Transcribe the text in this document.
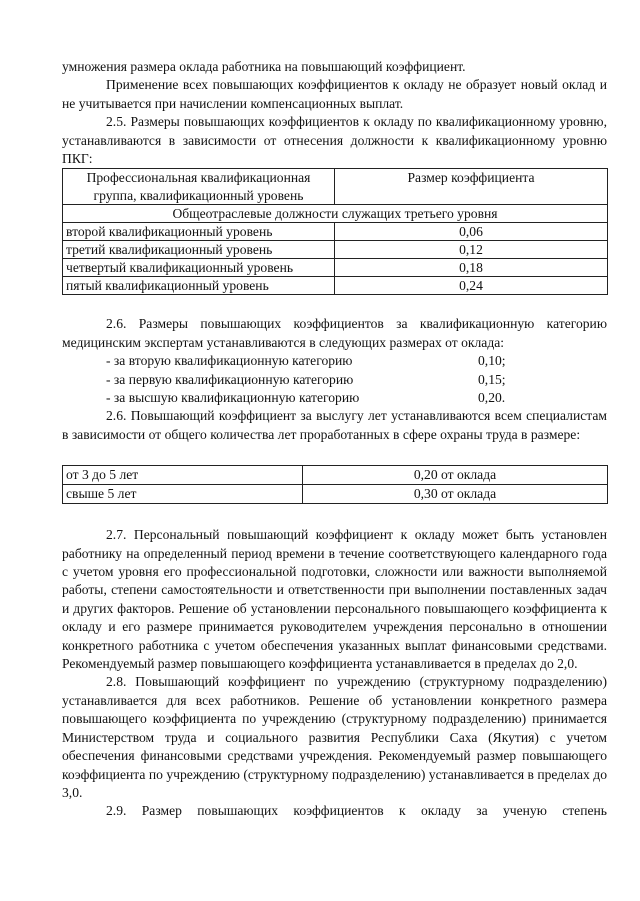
умножения размера оклада работника на повышающий коэффициент.

Применение всех повышающих коэффициентов к окладу не образует новый оклад и не учитывается при начислении компенсационных выплат.

2.5. Размеры повышающих коэффициентов к окладу по квалификационному уровню, устанавливаются в зависимости от отнесения должности к квалификационному уровню ПКГ:

Профессиональная квалификационная группа, квалификационный уровень	Размер коэффициента
Общеотраслевые должности служащих третьего уровня	
второй квалификационный уровень	0,06
третий квалификационный уровень	0,12
четвертый квалификационный уровень	0,18
пятый квалификационный уровень	0,24

2.6. Размеры повышающих коэффициентов за квалификационную категорию медицинским экспертам устанавливаются в следующих размерах от оклада:

- за вторую квалификационную категорию	0,10;
- за первую квалификационную категорию	0,15;
- за высшую квалификационную категорию	0,20.

2.6. Повышающий коэффициент за выслугу лет устанавливаются всем специалистам в зависимости от общего количества лет проработанных в сфере охраны труда в размере:

от 3 до 5 лет	0,20 от оклада
свыше 5 лет	0,30 от оклада

2.7. Персональный повышающий коэффициент к окладу может быть установлен работнику на определенный период времени в течение соответствующего календарного года с учетом уровня его профессиональной подготовки, сложности или важности выполняемой работы, степени самостоятельности и ответственности при выполнении поставленных задач и других факторов. Решение об установлении персонального повышающего коэффициента к окладу и его размере принимается руководителем учреждения персонально в отношении конкретного работника с учетом обеспечения указанных выплат финансовыми средствами. Рекомендуемый размер повышающего коэффициента устанавливается в пределах до 2,0.

2.8. Повышающий коэффициент по учреждению (структурному подразделению) устанавливается для всех работников. Решение об установлении конкретного размера повышающего коэффициента по учреждению (структурному подразделению) принимается Министерством труда и социального развития Республики Саха (Якутия) с учетом обеспечения финансовыми средствами учреждения. Рекомендуемый размер повышающего коэффициента по учреждению (структурному подразделению) устанавливается в пределах до 3,0.

2.9. Размер повышающих коэффициентов к окладу за ученую степень
